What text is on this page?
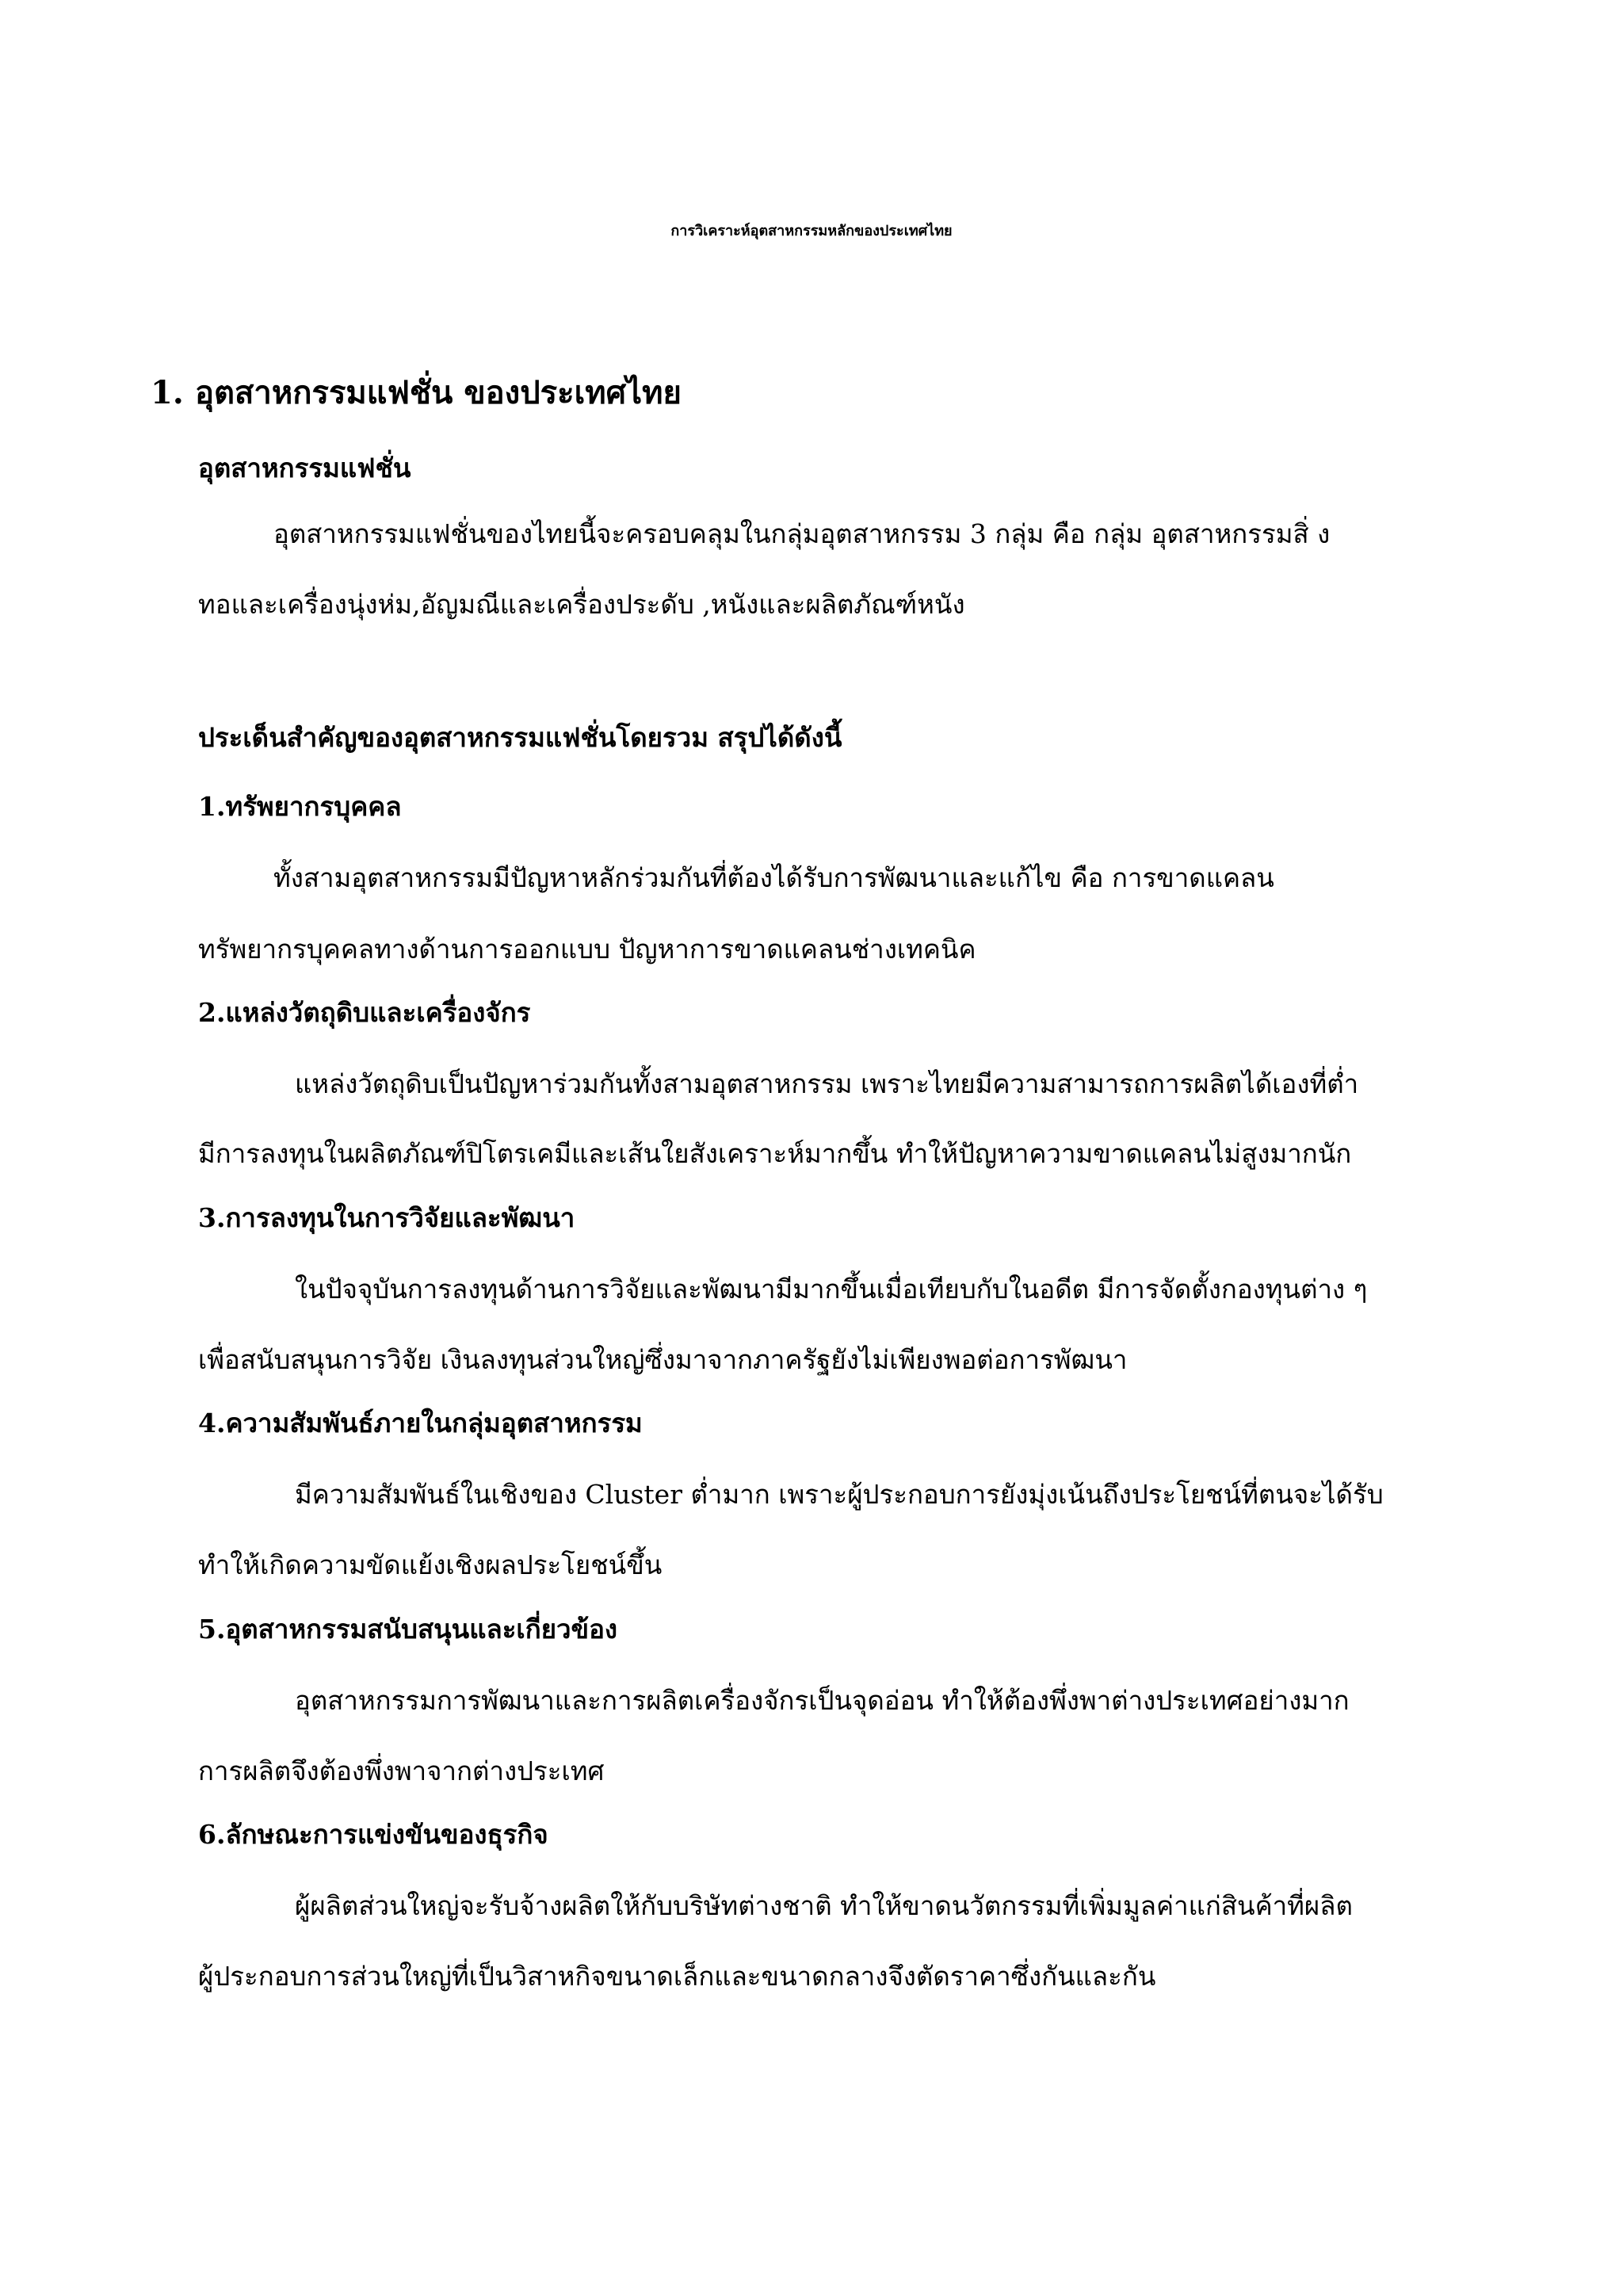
การวิเคราะห์อุตสาหกรรมหลักของประเทศไทย
1. อุตสาหกรรมแฟชั่น ของประเทศไทย
อุตสาหกรรมแฟชั่น
อุตสาหกรรมแฟชั่นของไทยนี้จะครอบคลุมในกลุ่มอุตสาหกรรม 3 กลุ่ม คือ กลุ่ม อุตสาหกรรมสิ่ ง
ทอและเครื่องนุ่งห่ม,อัญมณีและเครื่องประดับ ,หนังและผลิตภัณฑ์หนัง
ประเด็นสำคัญของอุตสาหกรรมแฟชั่นโดยรวม สรุปได้ดังนี้
1.ทรัพยากรบุคคล
ทั้งสามอุตสาหกรรมมีปัญหาหลักร่วมกันที่ต้องได้รับการพัฒนาและแก้ไข คือ การขาดแคลน
ทรัพยากรบุคคลทางด้านการออกแบบ ปัญหาการขาดแคลนช่างเทคนิค
2.แหล่งวัตถุดิบและเครื่องจักร
แหล่งวัตถุดิบเป็นปัญหาร่วมกันทั้งสามอุตสาหกรรม เพราะไทยมีความสามารถการผลิตได้เองที่ต่ำ
มีการลงทุนในผลิตภัณฑ์ปิโตรเคมีและเส้นใยสังเคราะห์มากขึ้น ทำให้ปัญหาความขาดแคลนไม่สูงมากนัก
3.การลงทุนในการวิจัยและพัฒนา
ในปัจจุบันการลงทุนด้านการวิจัยและพัฒนามีมากขึ้นเมื่อเทียบกับในอดีต มีการจัดตั้งกองทุนต่าง ๆ
เพื่อสนับสนุนการวิจัย เงินลงทุนส่วนใหญ่ซึ่งมาจากภาครัฐยังไม่เพียงพอต่อการพัฒนา
4.ความสัมพันธ์ภายในกลุ่มอุตสาหกรรม
มีความสัมพันธ์ในเชิงของ Cluster ต่ำมาก เพราะผู้ประกอบการยังมุ่งเน้นถึงประโยชน์ที่ตนจะได้รับ
ทำให้เกิดความขัดแย้งเชิงผลประโยชน์ขึ้น
5.อุตสาหกรรมสนับสนุนและเกี่ยวข้อง
อุตสาหกรรมการพัฒนาและการผลิตเครื่องจักรเป็นจุดอ่อน ทำให้ต้องพึ่งพาต่างประเทศอย่างมาก
การผลิตจึงต้องพึ่งพาจากต่างประเทศ
6.ลักษณะการแข่งขันของธุรกิจ
ผู้ผลิตส่วนใหญ่จะรับจ้างผลิตให้กับบริษัทต่างชาติ ทำให้ขาดนวัตกรรมที่เพิ่มมูลค่าแก่สินค้าที่ผลิต
ผู้ประกอบการส่วนใหญ่ที่เป็นวิสาหกิจขนาดเล็กและขนาดกลางจึงตัดราคาซึ่งกันและกัน
